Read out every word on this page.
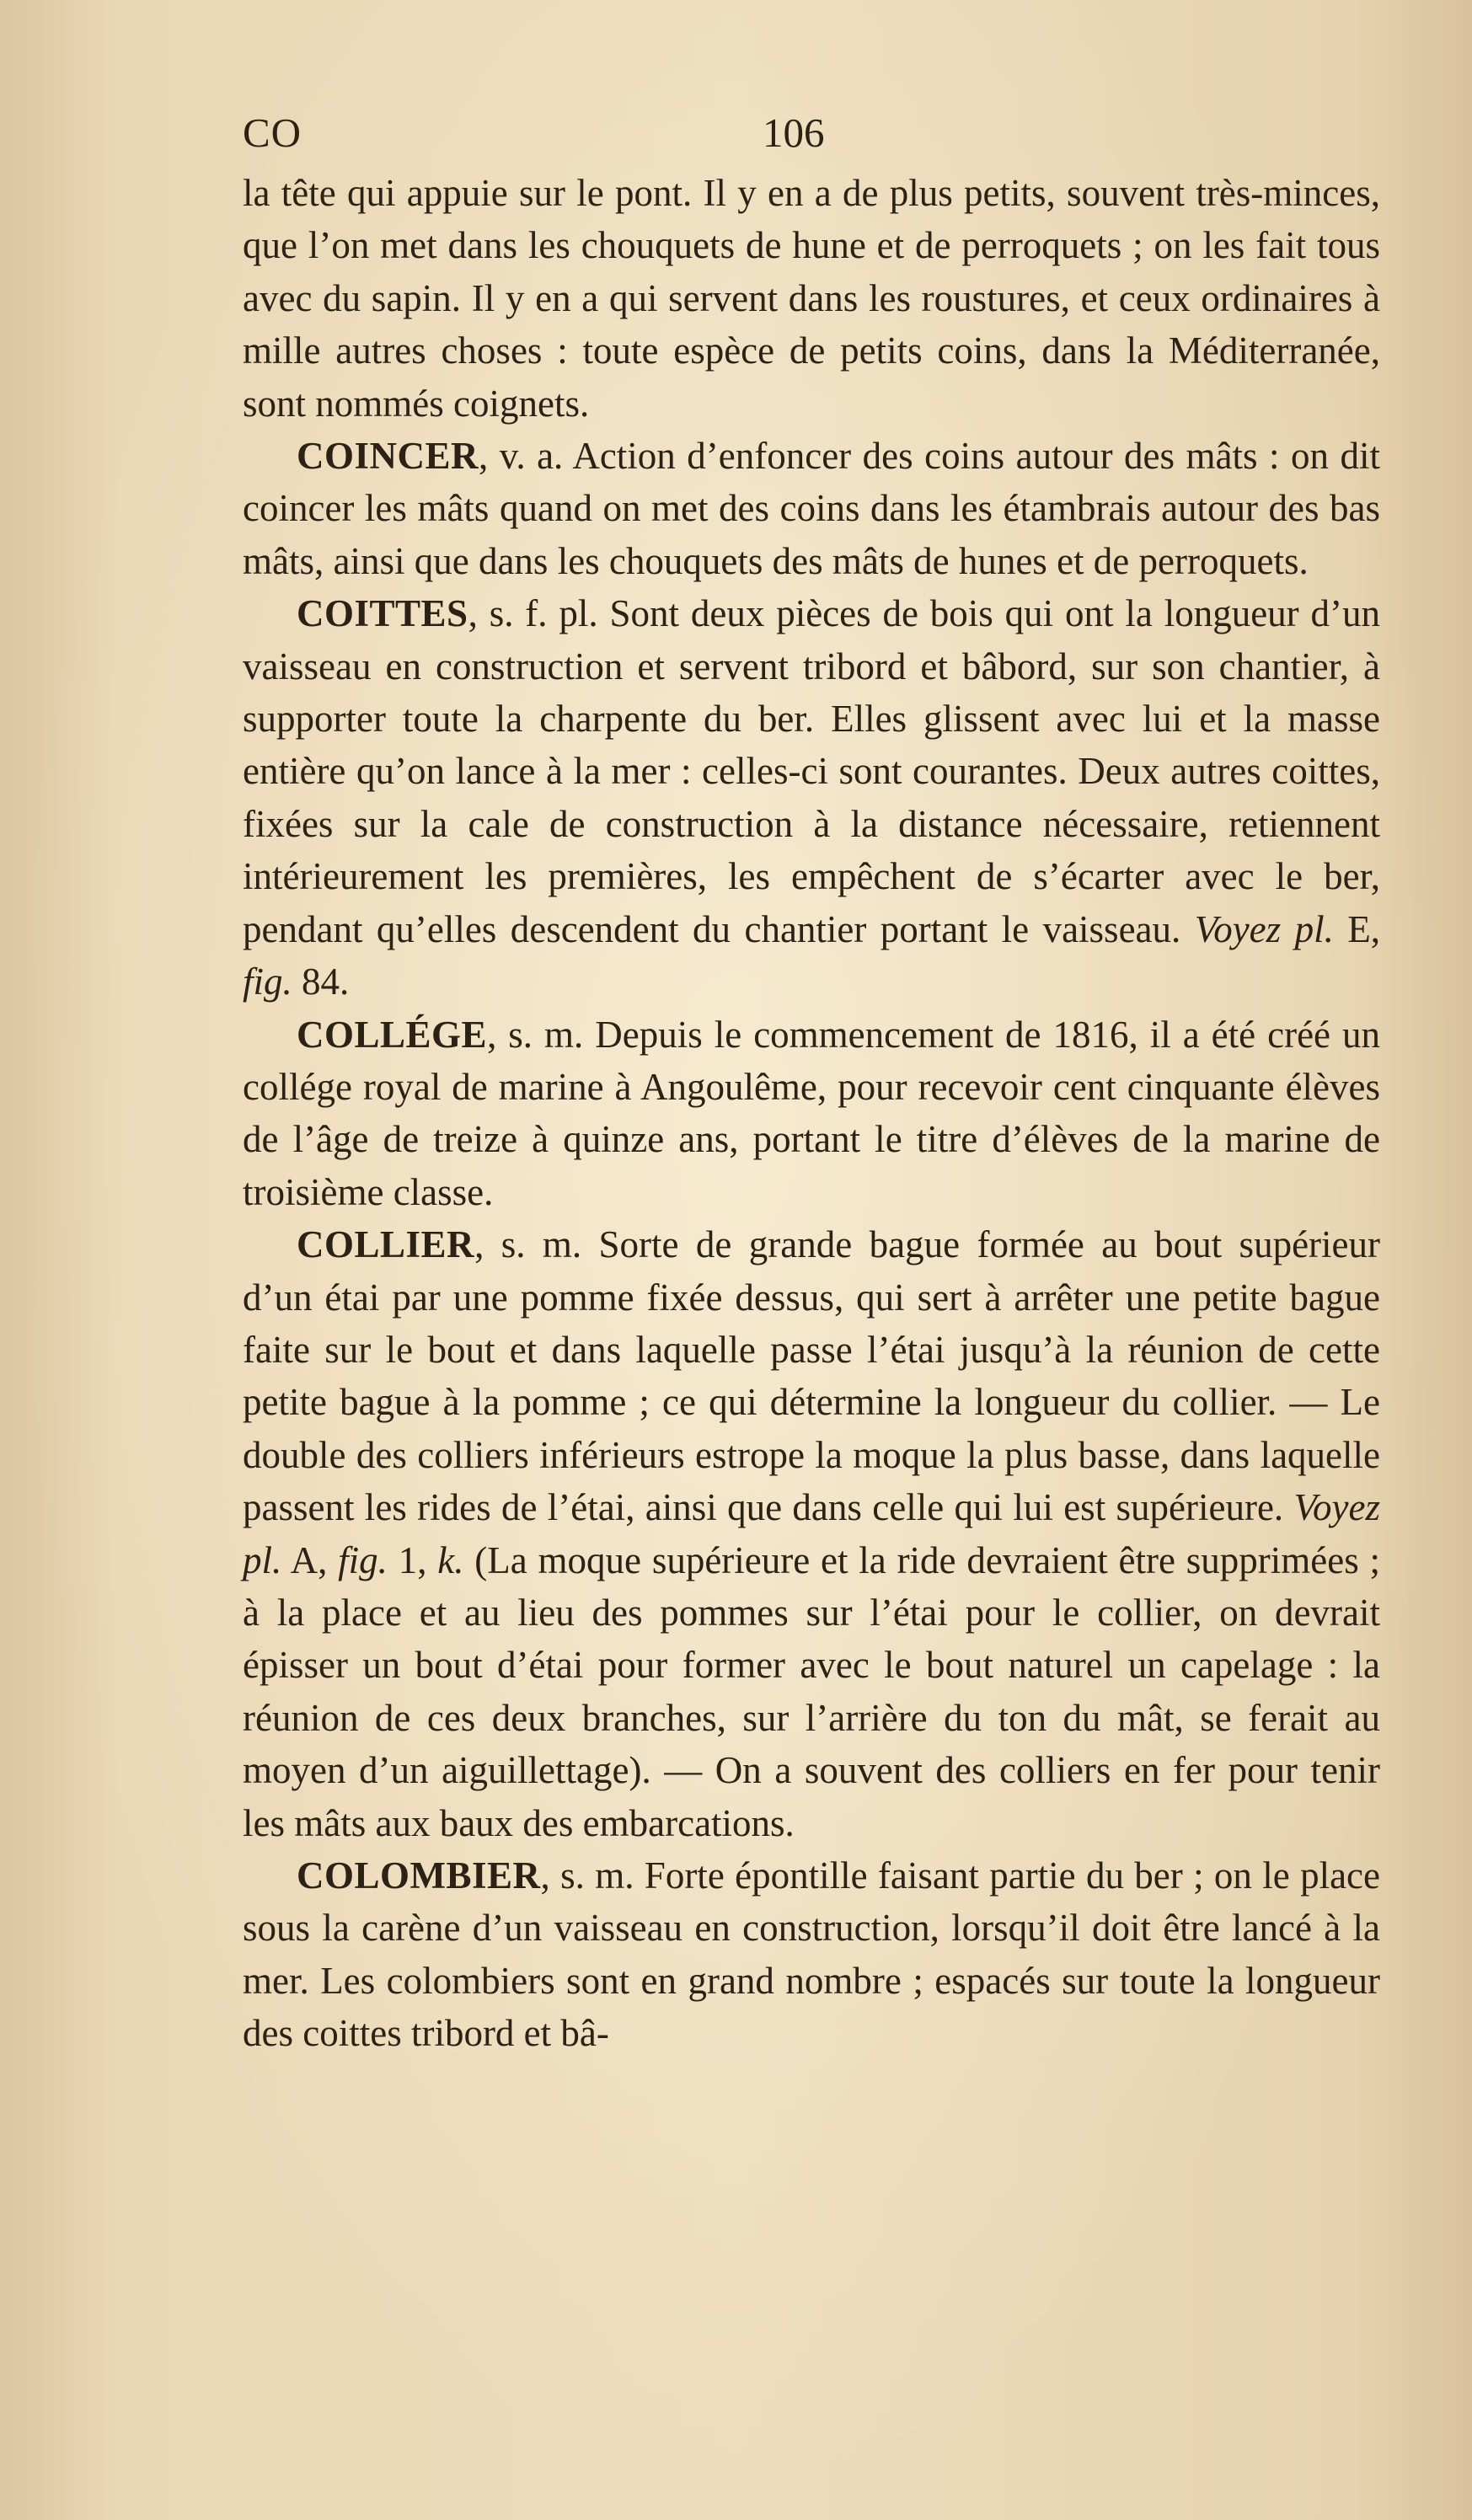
CO	106

la tête qui appuie sur le pont. Il y en a de plus petits, souvent très-minces, que l’on met dans les chouquets de hune et de perroquets ; on les fait tous avec du sapin. Il y en a qui servent dans les roustures, et ceux ordinaires à mille autres choses : toute espèce de petits coins, dans la Méditerranée, sont nommés coignets.

COINCER, v. a. Action d’enfoncer des coins autour des mâts : on dit coincer les mâts quand on met des coins dans les étambrais autour des bas mâts, ainsi que dans les chouquets des mâts de hunes et de perroquets.

COITTES, s. f. pl. Sont deux pièces de bois qui ont la longueur d’un vaisseau en construction et servent tribord et bâbord, sur son chantier, à supporter toute la charpente du ber. Elles glissent avec lui et la masse entière qu’on lance à la mer : celles-ci sont courantes. Deux autres coittes, fixées sur la cale de construction à la distance nécessaire, retiennent intérieurement les premières, les empêchent de s’écarter avec le ber, pendant qu’elles descendent du chantier portant le vaisseau. Voyez pl. E, fig. 84.

COLLÉGE, s. m. Depuis le commencement de 1816, il a été créé un collége royal de marine à Angoulême, pour recevoir cent cinquante élèves de l’âge de treize à quinze ans, portant le titre d’élèves de la marine de troisième classe.

COLLIER, s. m. Sorte de grande bague formée au bout supérieur d’un étai par une pomme fixée dessus, qui sert à arrêter une petite bague faite sur le bout et dans laquelle passe l’étai jusqu’à la réunion de cette petite bague à la pomme ; ce qui détermine la longueur du collier. — Le double des colliers inférieurs estrope la moque la plus basse, dans laquelle passent les rides de l’étai, ainsi que dans celle qui lui est supérieure. Voyez pl. A, fig. 1, k. (La moque supérieure et la ride devraient être supprimées ; à la place et au lieu des pommes sur l’étai pour le collier, on devrait épisser un bout d’étai pour former avec le bout naturel un capelage : la réunion de ces deux branches, sur l’arrière du ton du mât, se ferait au moyen d’un aiguillettage). — On a souvent des colliers en fer pour tenir les mâts aux baux des embarcations.

COLOMBIER, s. m. Forte épontille faisant partie du ber ; on le place sous la carène d’un vaisseau en construction, lorsqu’il doit être lancé à la mer. Les colombiers sont en grand nombre ; espacés sur toute la longueur des coittes tribord et bâ-
